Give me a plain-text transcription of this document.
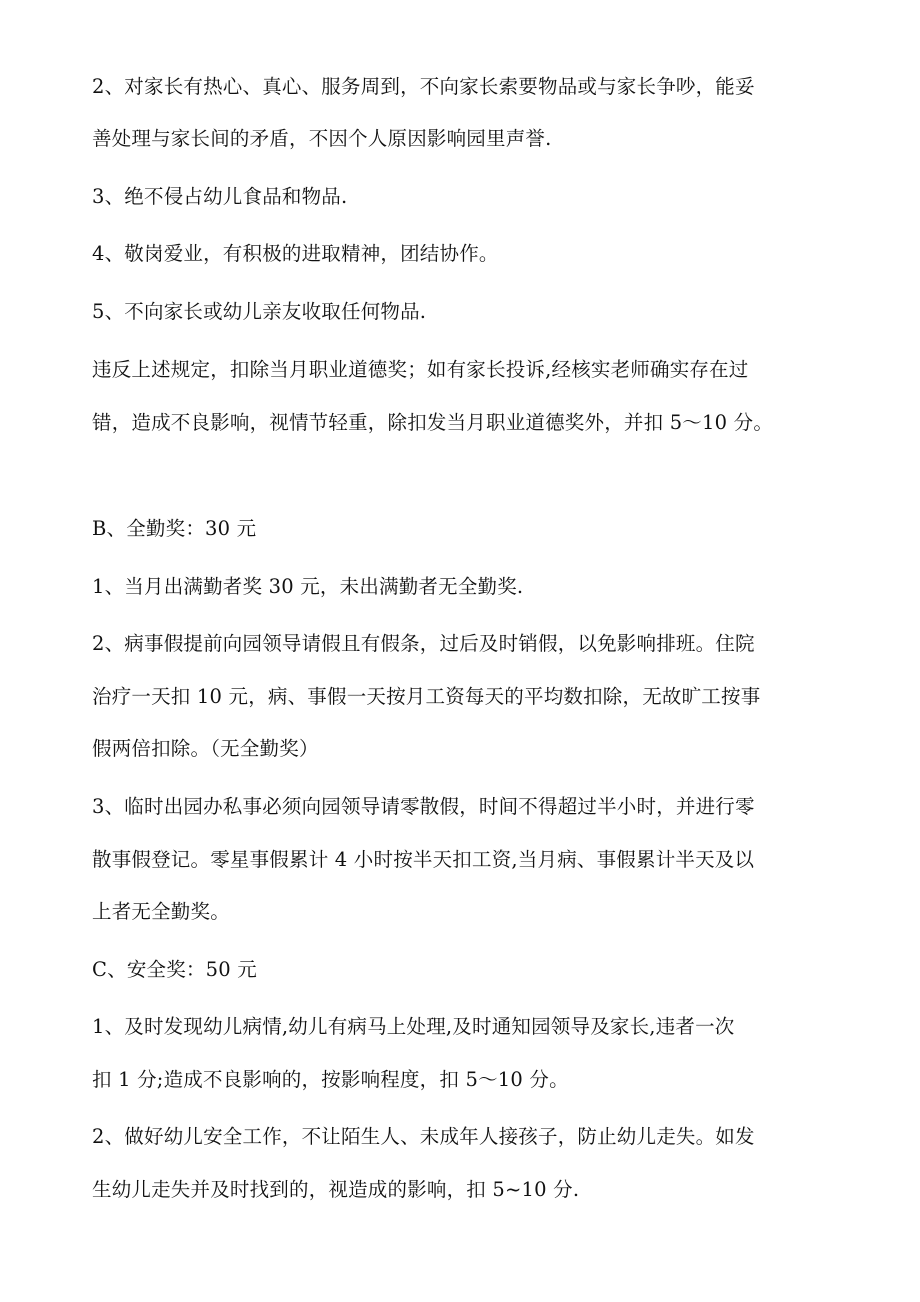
2、对家长有热心、真心、服务周到，不向家长索要物品或与家长争吵，能妥
善处理与家长间的矛盾，不因个人原因影响园里声誉.
3、绝不侵占幼儿食品和物品.
4、敬岗爱业，有积极的进取精神，团结协作。
5、不向家长或幼儿亲友收取任何物品.
违反上述规定，扣除当月职业道德奖；如有家长投诉,经核实老师确实存在过
错，造成不良影响，视情节轻重，除扣发当月职业道德奖外，并扣 5～10 分。
B、全勤奖：30 元
1、当月出满勤者奖 30 元，未出满勤者无全勤奖.
2、病事假提前向园领导请假且有假条，过后及时销假，以免影响排班。住院
治疗一天扣 10 元，病、事假一天按月工资每天的平均数扣除，无故旷工按事
假两倍扣除。（无全勤奖）
3、临时出园办私事必须向园领导请零散假，时间不得超过半小时，并进行零
散事假登记。零星事假累计 4 小时按半天扣工资,当月病、事假累计半天及以
上者无全勤奖。
C、安全奖：50 元
1、及时发现幼儿病情,幼儿有病马上处理,及时通知园领导及家长,违者一次
扣 1 分;造成不良影响的，按影响程度，扣 5～10 分。
2、做好幼儿安全工作，不让陌生人、未成年人接孩子，防止幼儿走失。如发
生幼儿走失并及时找到的，视造成的影响，扣 5~10 分.
